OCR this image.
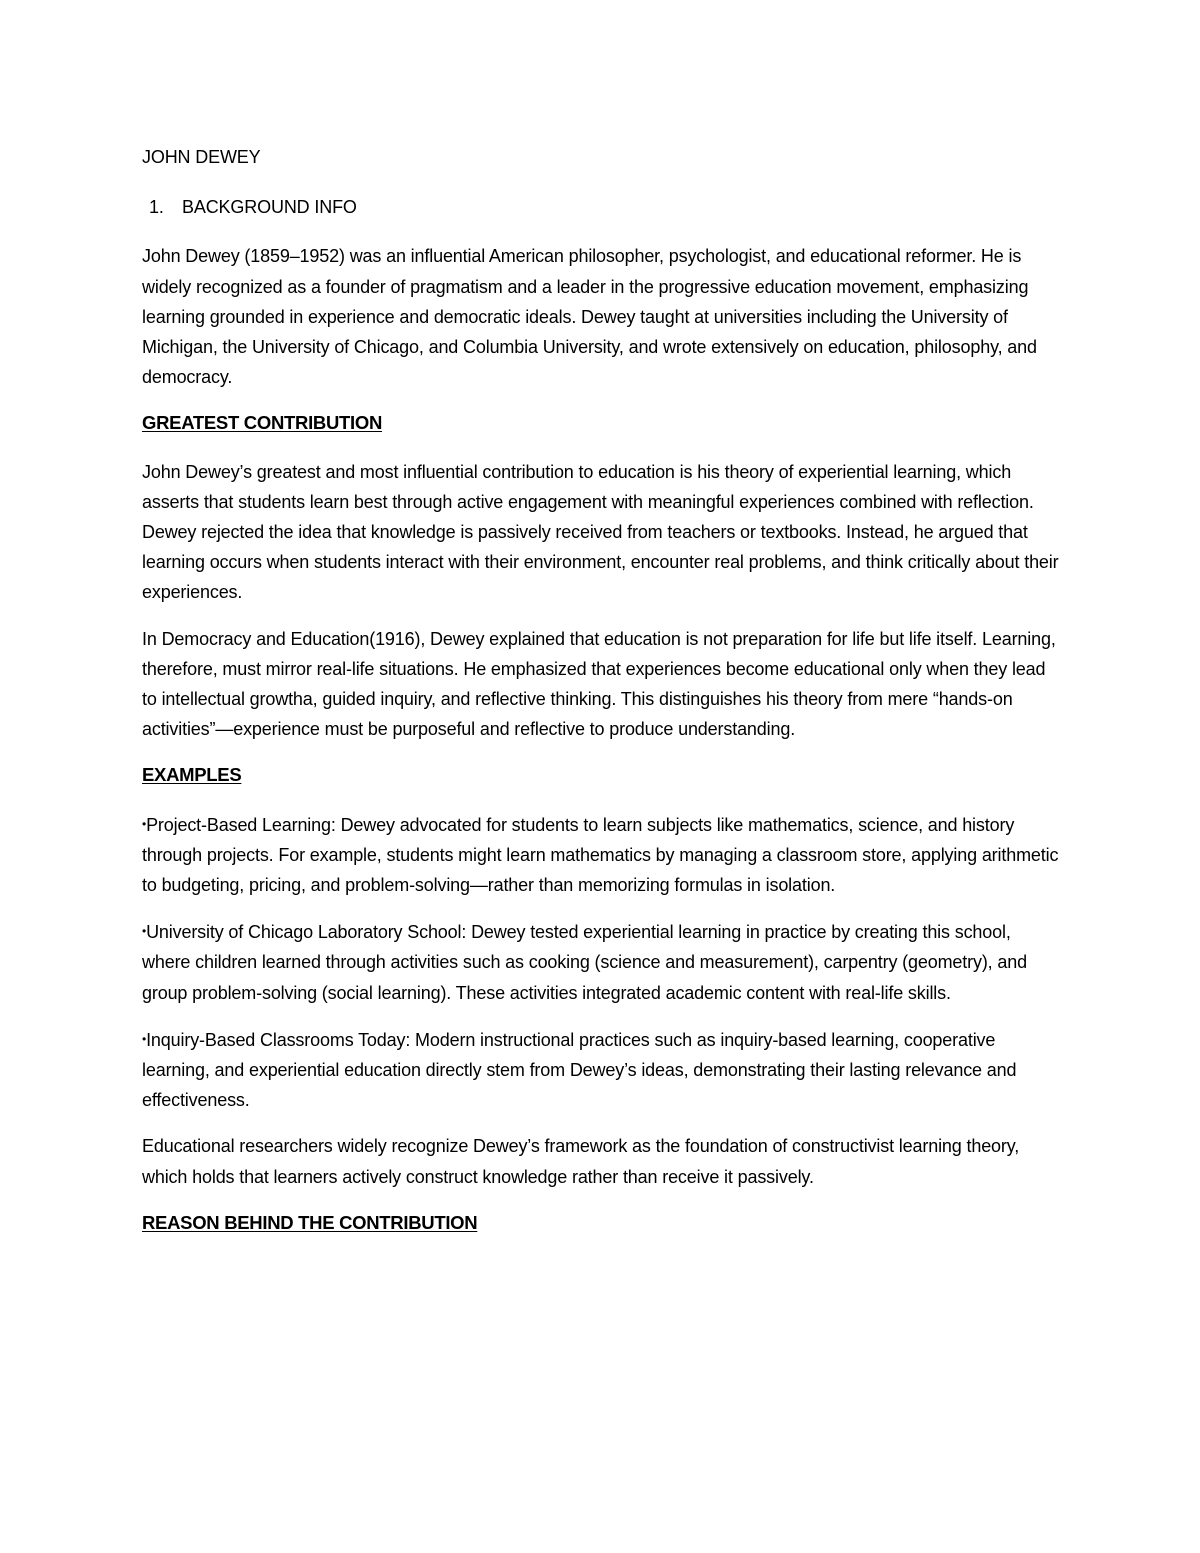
JOHN DEWEY
1.	BACKGROUND INFO

John Dewey (1859–1952) was an influential American philosopher, psychologist, and educational reformer. He is widely recognized as a founder of pragmatism and a leader in the progressive education movement, emphasizing learning grounded in experience and democratic ideals. Dewey taught at universities including the University of Michigan, the University of Chicago, and Columbia University, and wrote extensively on education, philosophy, and democracy.

GREATEST CONTRIBUTION

John Dewey’s greatest and most influential contribution to education is his theory of experiential learning, which asserts that students learn best through active engagement with meaningful experiences combined with reflection. Dewey rejected the idea that knowledge is passively received from teachers or textbooks. Instead, he argued that learning occurs when students interact with their environment, encounter real problems, and think critically about their experiences.

In Democracy and Education(1916), Dewey explained that education is not preparation for life but life itself. Learning, therefore, must mirror real-life situations. He emphasized that experiences become educational only when they lead to intellectual growtha, guided inquiry, and reflective thinking. This distinguishes his theory from mere “hands-on activities”—experience must be purposeful and reflective to produce understanding.

EXAMPLES

•Project-Based Learning: Dewey advocated for students to learn subjects like mathematics, science, and history through projects. For example, students might learn mathematics by managing a classroom store, applying arithmetic to budgeting, pricing, and problem-solving—rather than memorizing formulas in isolation.

•University of Chicago Laboratory School: Dewey tested experiential learning in practice by creating this school, where children learned through activities such as cooking (science and measurement), carpentry (geometry), and group problem-solving (social learning). These activities integrated academic content with real-life skills.

•Inquiry-Based Classrooms Today: Modern instructional practices such as inquiry-based learning, cooperative learning, and experiential education directly stem from Dewey’s ideas, demonstrating their lasting relevance and effectiveness.

Educational researchers widely recognize Dewey’s framework as the foundation of constructivist learning theory, which holds that learners actively construct knowledge rather than receive it passively.

REASON BEHIND THE CONTRIBUTION
